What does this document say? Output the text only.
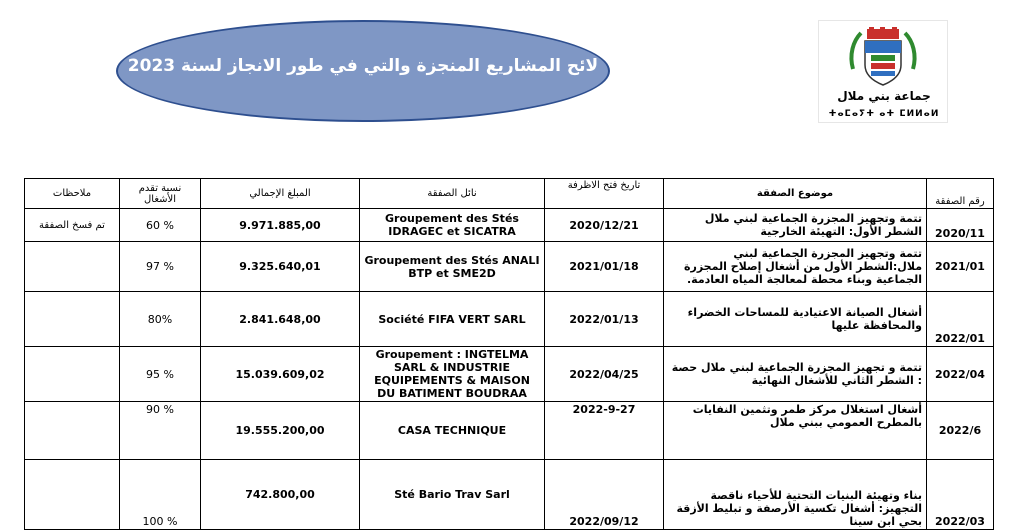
لائح المشاريع المنجزة والتي في طور الانجاز لسنة 2023
جماعة بني ملال
ⵜⴰⵎⴰⵢⵜ ⴰⵜ ⵎⵍⵍⴰⵍ
ملاحظات	نسبة تقدم الأشغال	المبلغ الإجمالي	نائل الصفقة	تاريخ فتح الاظرفة	موضوع الصفقة	رقم الصفقة
تم فسخ الصفقة	60 %	9.971.885,00	Groupement des Stés IDRAGEC et SICATRA	2020/12/21	تتمة وتجهيز المجزرة الجماعية لبني ملال الشطر الأول: التهيئة الخارجية	2020/11
	97 %	9.325.640,01	Groupement des Stés ANALI BTP et SME2D	2021/01/18	تتمة وتجهيز المجزرة الجماعية لبني ملال:الشطر الأول من أشغال إصلاح المجزرة الجماعية وبناء محطة لمعالجة المياه العادمة.	2021/01
	80%	2.841.648,00	Société FIFA VERT SARL	2022/01/13	أشغال الصيانة الاعتيادية للمساحات الخضراء والمحافظة عليها	2022/01
	95 %	15.039.609,02	Groupement : INGTELMA SARL & INDUSTRIE EQUIPEMENTS & MAISON DU BATIMENT BOUDRAA	2022/04/25	تتمة و تجهيز المجزرة الجماعية لبني ملال حصة : الشطر الثاني للأشغال النهائية	2022/04
	90 %	19.555.200,00	CASA TECHNIQUE	2022-9-27	أشغال استغلال مركز طمر وتثمين النفايات بالمطرح العمومي ببني ملال	2022/6
	100 %	742.800,00	Sté Bario Trav Sarl	2022/09/12	بناء وتهيئة البنيات التحتية للأحياء ناقصة التجهيز: أشغال تكسية الأرصفة و تبليط الأزقة بحي ابن سينا	2022/03
